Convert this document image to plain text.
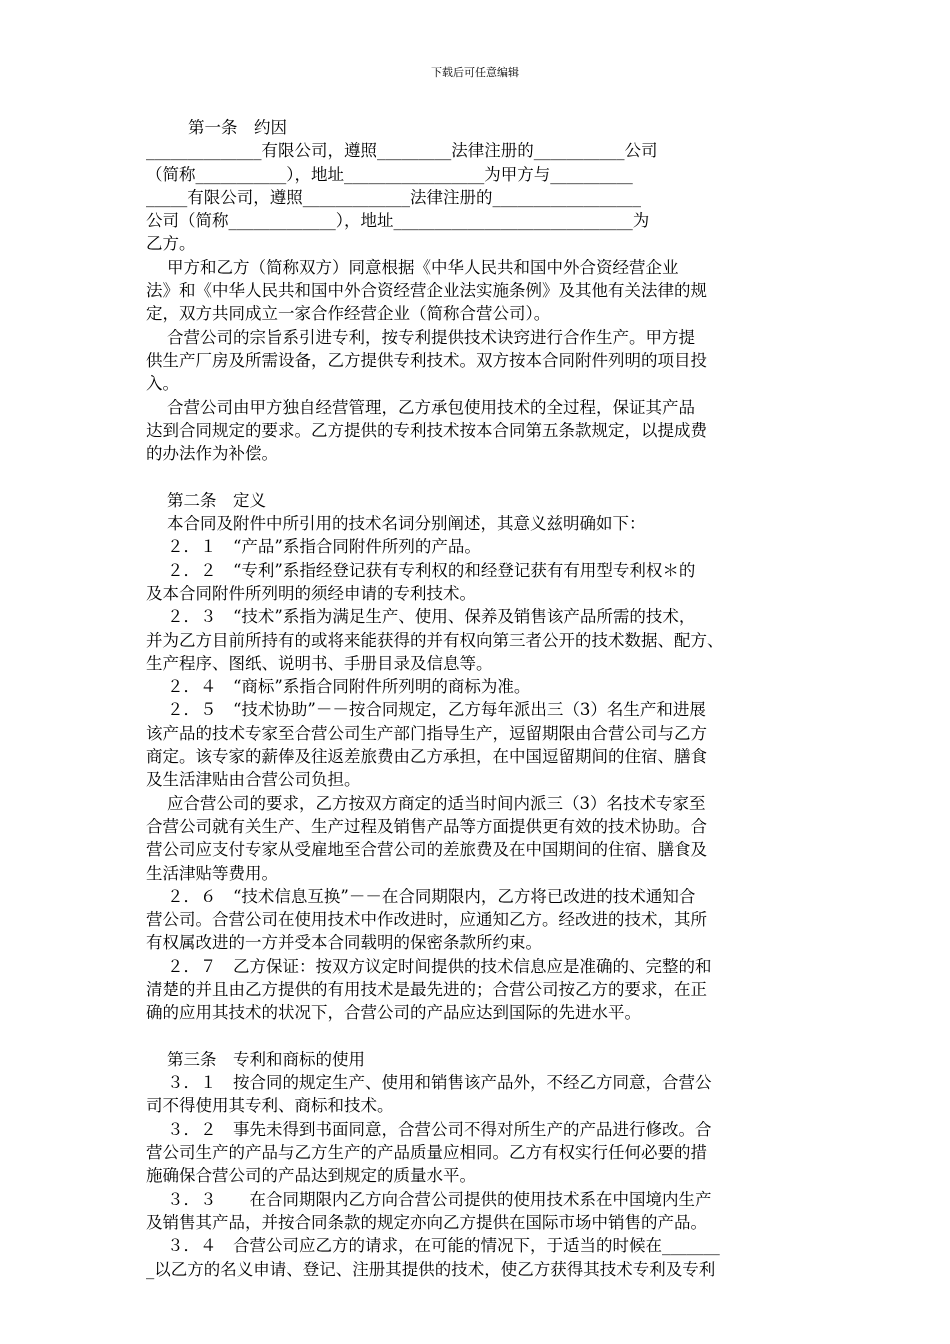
下载后可任意编辑
第一条　约因
______________有限公司，遵照_________法律注册的___________公司
（简称___________），地址_________________为甲方与__________
_____有限公司，遵照_____________法律注册的__________________
公司（简称_____________），地址_____________________________为
乙方。
甲方和乙方（简称双方）同意根据《中华人民共和国中外合资经营企业
法》和《中华人民共和国中外合资经营企业法实施条例》及其他有关法律的规
定，双方共同成立一家合作经营企业（简称合营公司）。
合营公司的宗旨系引进专利，按专利提供技术诀窍进行合作生产。甲方提
供生产厂房及所需设备，乙方提供专利技术。双方按本合同附件列明的项目投
入。
合营公司由甲方独自经营管理，乙方承包使用技术的全过程，保证其产品
达到合同规定的要求。乙方提供的专利技术按本合同第五条款规定，以提成费
的办法作为补偿。
第二条　定义
本合同及附件中所引用的技术名词分别阐述，其意义兹明确如下：
２．１　“产品”系指合同附件所列的产品。
２．２　“专利”系指经登记获有专利权的和经登记获有有用型专利权＊的
及本合同附件所列明的须经申请的专利技术。
２．３　“技术”系指为满足生产、使用、保养及销售该产品所需的技术，
并为乙方目前所持有的或将来能获得的并有权向第三者公开的技术数据、配方、
生产程序、图纸、说明书、手册目录及信息等。
２．４　“商标”系指合同附件所列明的商标为准。
２．５　“技术协助”－－按合同规定，乙方每年派出三（3）名生产和进展
该产品的技术专家至合营公司生产部门指导生产，逗留期限由合营公司与乙方
商定。该专家的薪俸及往返差旅费由乙方承担，在中国逗留期间的住宿、膳食
及生活津贴由合营公司负担。
应合营公司的要求，乙方按双方商定的适当时间内派三（3）名技术专家至
合营公司就有关生产、生产过程及销售产品等方面提供更有效的技术协助。合
营公司应支付专家从受雇地至合营公司的差旅费及在中国期间的住宿、膳食及
生活津贴等费用。
２．６　“技术信息互换”－－在合同期限内，乙方将已改进的技术通知合
营公司。合营公司在使用技术中作改进时，应通知乙方。经改进的技术，其所
有权属改进的一方并受本合同载明的保密条款所约束。
２．７　乙方保证：按双方议定时间提供的技术信息应是准确的、完整的和
清楚的并且由乙方提供的有用技术是最先进的；合营公司按乙方的要求，在正
确的应用其技术的状况下，合营公司的产品应达到国际的先进水平。
第三条　专利和商标的使用
３．１　按合同的规定生产、使用和销售该产品外，不经乙方同意，合营公
司不得使用其专利、商标和技术。
３．２　事先未得到书面同意，合营公司不得对所生产的产品进行修改。合
营公司生产的产品与乙方生产的产品质量应相同。乙方有权实行任何必要的措
施确保合营公司的产品达到规定的质量水平。
３．３　　在合同期限内乙方向合营公司提供的使用技术系在中国境内生产
及销售其产品，并按合同条款的规定亦向乙方提供在国际市场中销售的产品。
３．４　合营公司应乙方的请求，在可能的情况下，于适当的时候在_______
_以乙方的名义申请、登记、注册其提供的技术，使乙方获得其技术专利及专利
